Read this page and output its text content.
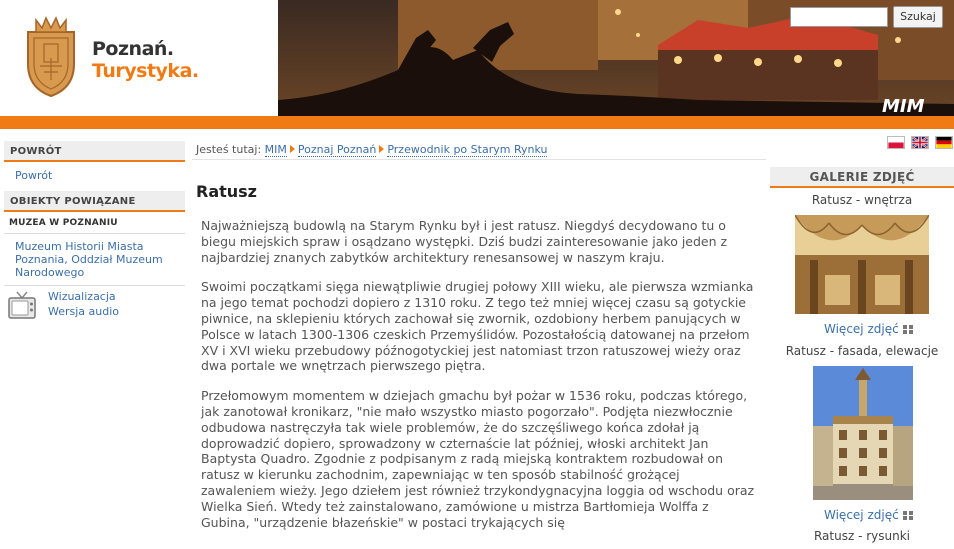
Poznań.
Turystyka.
MIM
Szukaj
POWRÓT
Powrót
OBIEKTY POWIĄZANE
MUZEA W POZNANIU
Muzeum Historii Miasta Poznania, Oddział Muzeum Narodowego
Wizualizacja
Wersja audio
Jesteś tutaj: MIM Poznaj Poznań Przewodnik po Starym Rynku
Ratusz

Najważniejszą budowlą na Starym Rynku był i jest ratusz. Niegdyś decydowano tu o biegu miejskich spraw i osądzano występki. Dziś budzi zainteresowanie jako jeden z najbardziej znanych zabytków architektury renesansowej w naszym kraju.

Swoimi początkami sięga niewątpliwie drugiej połowy XIII wieku, ale pierwsza wzmianka na jego temat pochodzi dopiero z 1310 roku. Z tego też mniej więcej czasu są gotyckie piwnice, na sklepieniu których zachował się zwornik, ozdobiony herbem panujących w Polsce w latach 1300-1306 czeskich Przemyślidów. Pozostałością datowanej na przełom XV i XVI wieku przebudowy późnogotyckiej jest natomiast trzon ratuszowej wieży oraz dwa portale we wnętrzach pierwszego piętra.

Przełomowym momentem w dziejach gmachu był pożar w 1536 roku, podczas którego, jak zanotował kronikarz, "nie mało wszystko miasto pogorzało". Podjęta niezwłocznie odbudowa nastręczyła tak wiele problemów, że do szczęśliwego końca zdołał ją doprowadzić dopiero, sprowadzony w czternaście lat później, włoski architekt Jan Baptysta Quadro. Zgodnie z podpisanym z radą miejską kontraktem rozbudował on ratusz w kierunku zachodnim, zapewniając w ten sposób stabilność grożącej zawaleniem wieży. Jego dziełem jest również trzykondygnacyjna loggia od wschodu oraz Wielka Sień. Wtedy też zainstalowano, zamówione u mistrza Bartłomieja Wolffa z Gubina, "urządzenie błazeńskie" w postaci trykających się

GALERIE ZDJĘĆ
Ratusz - wnętrza
Więcej zdjęć
Ratusz - fasada, elewacje
Więcej zdjęć
Ratusz - rysunki
